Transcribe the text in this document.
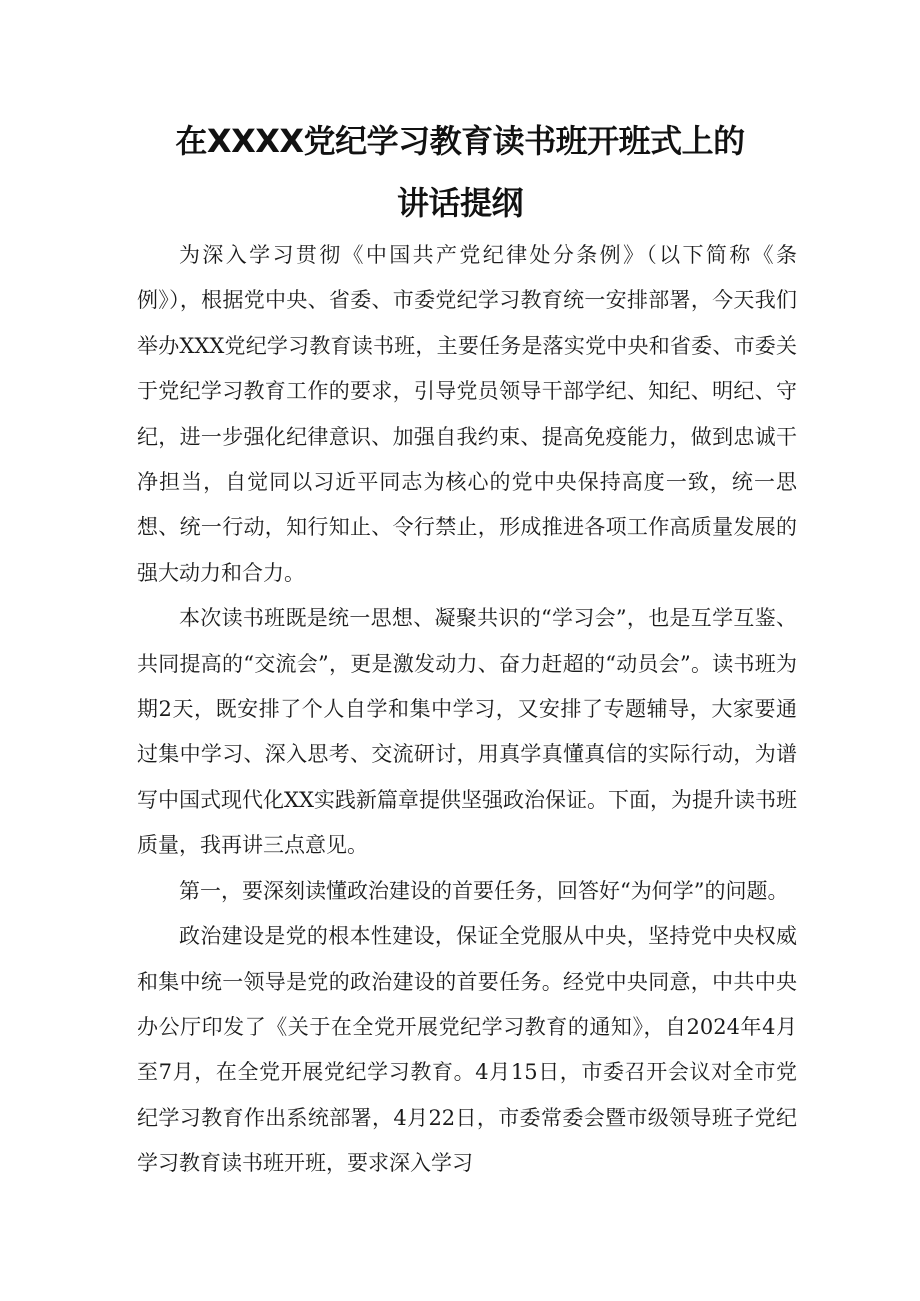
在XXXX党纪学习教育读书班开班式上的
讲话提纲

为深入学习贯彻《中国共产党纪律处分条例》（以下简称《条例》），根据党中央、省委、市委党纪学习教育统一安排部署，今天我们举办XXX党纪学习教育读书班，主要任务是落实党中央和省委、市委关于党纪学习教育工作的要求，引导党员领导干部学纪、知纪、明纪、守纪，进一步强化纪律意识、加强自我约束、提高免疫能力，做到忠诚干净担当，自觉同以习近平同志为核心的党中央保持高度一致，统一思想、统一行动，知行知止、令行禁止，形成推进各项工作高质量发展的强大动力和合力。

本次读书班既是统一思想、凝聚共识的“学习会”，也是互学互鉴、共同提高的“交流会”，更是激发动力、奋力赶超的“动员会”。读书班为期2天，既安排了个人自学和集中学习，又安排了专题辅导，大家要通过集中学习、深入思考、交流研讨，用真学真懂真信的实际行动，为谱写中国式现代化XX实践新篇章提供坚强政治保证。下面，为提升读书班质量，我再讲三点意见。

第一，要深刻读懂政治建设的首要任务，回答好“为何学”的问题。

政治建设是党的根本性建设，保证全党服从中央，坚持党中央权威和集中统一领导是党的政治建设的首要任务。经党中央同意，中共中央办公厅印发了《关于在全党开展党纪学习教育的通知》，自2024年4月至7月，在全党开展党纪学习教育。4月15日，市委召开会议对全市党纪学习教育作出系统部署，4月22日，市委常委会暨市级领导班子党纪学习教育读书班开班，要求深入学习
